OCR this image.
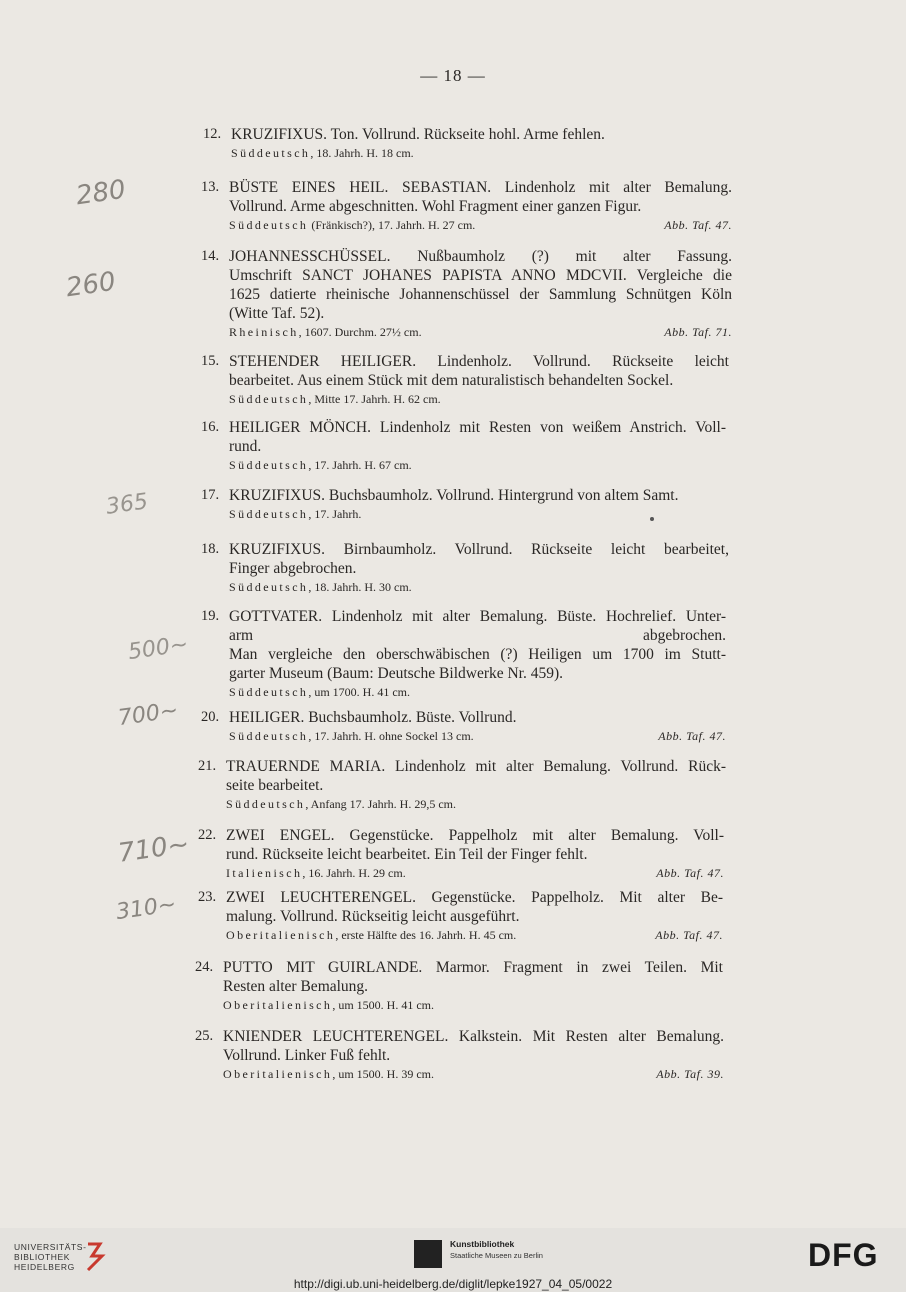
— 18 —
12. KRUZIFIXUS. Ton. Vollrund. Rückseite hohl. Arme fehlen.
Süddeutsch, 18. Jahrh. H. 18 cm.
13. BÜSTE EINES HEIL. SEBASTIAN. Lindenholz mit alter Bemalung.
Vollrund. Arme abgeschnitten. Wohl Fragment einer ganzen Figur.
Süddeutsch (Fränkisch?), 17. Jahrh. H. 27 cm.	Abb. Taf. 47.
14. JOHANNESSCHÜSSEL. Nußbaumholz (?) mit alter Fassung.
Umschrift SANCT JOHANES PAPISTA ANNO MDCVII. Vergleiche die
1625 datierte rheinische Johannenschüssel der Sammlung Schnütgen Köln
(Witte Taf. 52).
Rheinisch, 1607. Durchm. 27½ cm.	Abb. Taf. 71.
15. STEHENDER HEILIGER. Lindenholz. Vollrund. Rückseite leicht
bearbeitet. Aus einem Stück mit dem naturalistisch behandelten Sockel.
Süddeutsch, Mitte 17. Jahrh. H. 62 cm.
16. HEILIGER MÖNCH. Lindenholz mit Resten von weißem Anstrich. Voll-
rund.
Süddeutsch, 17. Jahrh. H. 67 cm.
17. KRUZIFIXUS. Buchsbaumholz. Vollrund. Hintergrund von altem Samt.
Süddeutsch, 17. Jahrh.
18. KRUZIFIXUS. Birnbaumholz. Vollrund. Rückseite leicht bearbeitet,
Finger abgebrochen.
Süddeutsch, 18. Jahrh. H. 30 cm.
19. GOTTVATER. Lindenholz mit alter Bemalung. Büste. Hochrelief. Unter-
arm abgebrochen.
Man vergleiche den oberschwäbischen (?) Heiligen um 1700 im Stutt-
garter Museum (Baum: Deutsche Bildwerke Nr. 459).
Süddeutsch, um 1700. H. 41 cm.
20. HEILIGER. Buchsbaumholz. Büste. Vollrund.
Süddeutsch, 17. Jahrh. H. ohne Sockel 13 cm.	Abb. Taf. 47.
21. TRAUERNDE MARIA. Lindenholz mit alter Bemalung. Vollrund. Rück-
seite bearbeitet.
Süddeutsch, Anfang 17. Jahrh. H. 29,5 cm.
22. ZWEI ENGEL. Gegenstücke. Pappelholz mit alter Bemalung. Voll-
rund. Rückseite leicht bearbeitet. Ein Teil der Finger fehlt.
Italienisch, 16. Jahrh. H. 29 cm.	Abb. Taf. 47.
23. ZWEI LEUCHTERENGEL. Gegenstücke. Pappelholz. Mit alter Be-
malung. Vollrund. Rückseitig leicht ausgeführt.
Oberitalienisch, erste Hälfte des 16. Jahrh. H. 45 cm.	Abb. Taf. 47.
24. PUTTO MIT GUIRLANDE. Marmor. Fragment in zwei Teilen. Mit
Resten alter Bemalung.
Oberitalienisch, um 1500. H. 41 cm.
25. KNIENDER LEUCHTERENGEL. Kalkstein. Mit Resten alter Bemalung.
Vollrund. Linker Fuß fehlt.
Oberitalienisch, um 1500. H. 39 cm.	Abb. Taf. 39.
280
260
365
500~
700~
710~
310~
UNIVERSITÄTS-
BIBLIOTHEK
HEIDELBERG
Kunstbibliothek
Staatliche Museen zu Berlin	DFG
http://digi.ub.uni-heidelberg.de/diglit/lepke1927_04_05/0022
